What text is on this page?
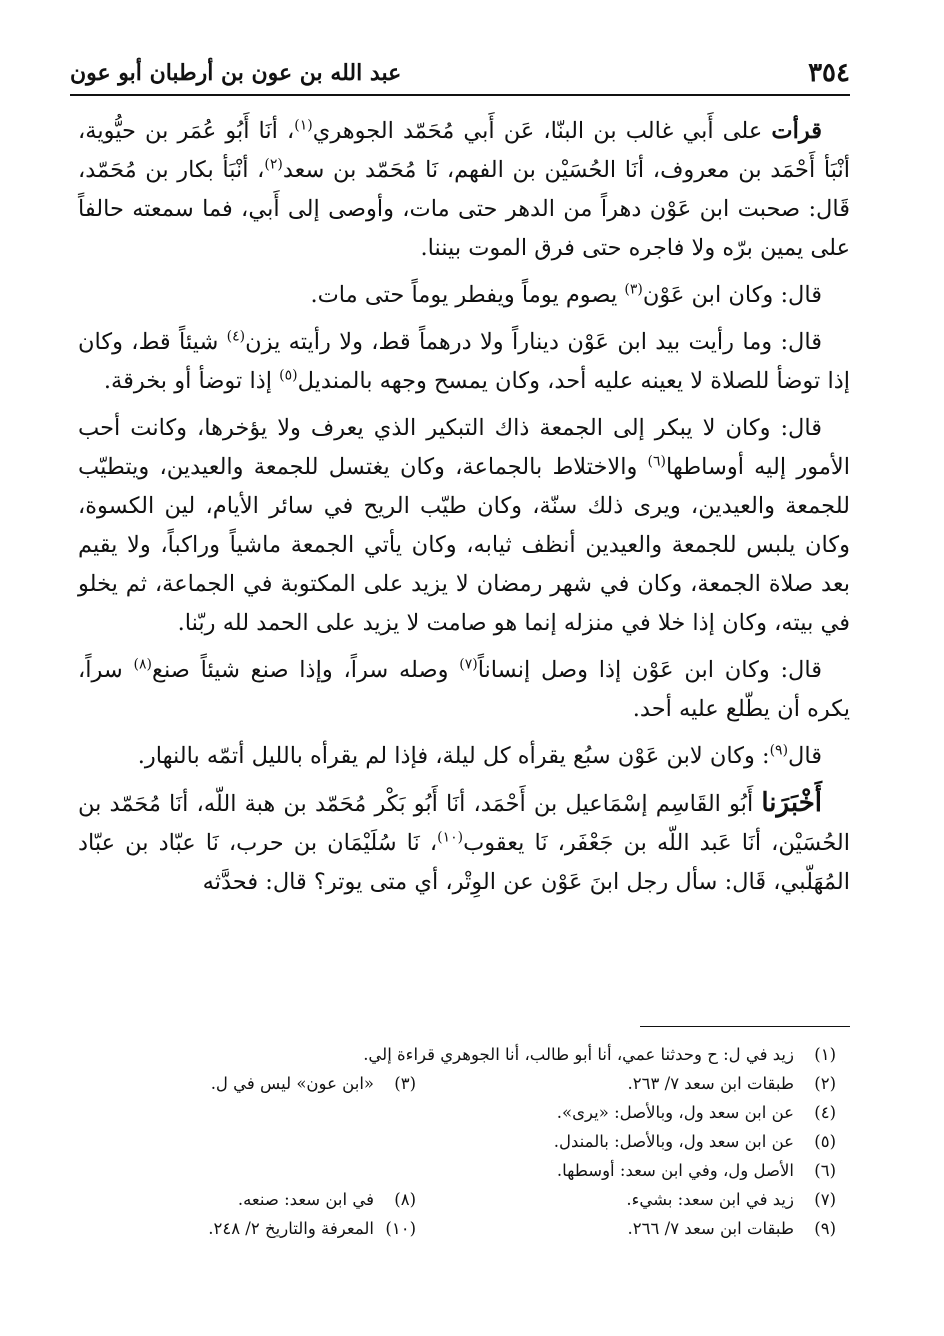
٣٥٤
عبد الله بن عون بن أرطبان أبو عون

قرأت على أَبي غالب بن البنّا، عَن أَبي مُحَمّد الجوهري$^{(١)}$، أنَا أَبُو عُمَر بن حيُّوية، أنْبَأ أَحْمَد بن معروف، أنَا الحُسَيْن بن الفهم، نَا مُحَمّد بن سعد$^{(٢)}$، أنْبَأ بكار بن مُحَمّد، قَال: صحبت ابن عَوْن دهراً من الدهر حتى مات، وأوصى إلى أَبي، فما سمعته حالفاً على يمين برّه ولا فاجره حتى فرق الموت بيننا.

قال: وكان ابن عَوْن$^{(٣)}$ يصوم يوماً ويفطر يوماً حتى مات.

قال: وما رأيت بيد ابن عَوْن ديناراً ولا درهماً قط، ولا رأيته يزن$^{(٤)}$ شيئاً قط، وكان إذا توضأ للصلاة لا يعينه عليه أحد، وكان يمسح وجهه بالمنديل$^{(٥)}$ إذا توضأ أو بخرقة.

قال: وكان لا يبكر إلى الجمعة ذاك التبكير الذي يعرف ولا يؤخرها، وكانت أحب الأمور إليه أوساطها$^{(٦)}$ والاختلاط بالجماعة، وكان يغتسل للجمعة والعيدين، ويتطيّب للجمعة والعيدين، ويرى ذلك سنّة، وكان طيّب الريح في سائر الأيام، لين الكسوة، وكان يلبس للجمعة والعيدين أنظف ثيابه، وكان يأتي الجمعة ماشياً وراكباً، ولا يقيم بعد صلاة الجمعة، وكان في شهر رمضان لا يزيد على المكتوبة في الجماعة، ثم يخلو في بيته، وكان إذا خلا في منزله إنما هو صامت لا يزيد على الحمد لله ربّنا.

قال: وكان ابن عَوْن إذا وصل إنساناً$^{(٧)}$ وصله سراً، وإذا صنع شيئاً صنع$^{(٨)}$ سراً، يكره أن يطّلع عليه أحد.

قال$^{(٩)}$: وكان لابن عَوْن سبُع يقرأه كل ليلة، فإذا لم يقرأه بالليل أتمّه بالنهار.

أَخْبَرَنا أَبُو القَاسِم إسْمَاعيل بن أَحْمَد، أنَا أَبُو بَكْر مُحَمّد بن هبة اللّه، أنَا مُحَمّد بن الحُسَيْن، أنَا عَبد اللّه بن جَعْفَر، نَا يعقوب$^{(١٠)}$، نَا سُلَيْمَان بن حرب، نَا عبّاد بن عبّاد المُهَلّبي، قَال: سأل رجل ابنَ عَوْن عن الوِتْر، أي متى يوتر؟ قال: فحدَّثه

(١)
زيد في ل: ح وحدثنا عمي، أنا أبو طالب، أنا الجوهري قراءة إلي.
(٢)
طبقات ابن سعد ٧/ ٢٦٣.
(٣)
«ابن عون» ليس في ل.
(٤)
عن ابن سعد ول، وبالأصل: «يرى».
(٥)
عن ابن سعد ول، وبالأصل: بالمندل.
(٦)
الأصل ول، وفي ابن سعد: أوسطها.
(٧)
زيد في ابن سعد: بشيء.
(٨)
في ابن سعد: صنعه.
(٩)
طبقات ابن سعد ٧/ ٢٦٦.
(١٠)
المعرفة والتاريخ ٢/ ٢٤٨.
